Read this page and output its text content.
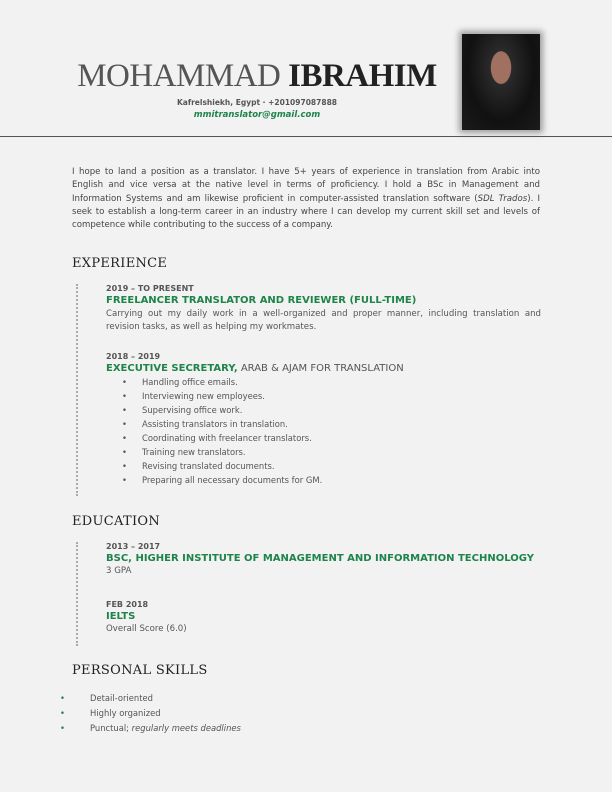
MOHAMMAD IBRAHIM
Kafrelshiekh, Egypt · +201097087888
mmitranslator@gmail.com
I hope to land a position as a translator. I have 5+ years of experience in translation from Arabic into English and vice versa at the native level in terms of proficiency. I hold a BSc in Management and Information Systems and am likewise proficient in computer-assisted translation software (SDL Trados). I seek to establish a long-term career in an industry where I can develop my current skill set and levels of competence while contributing to the success of a company.
EXPERIENCE
2019 – TO PRESENT
FREELANCER TRANSLATOR AND REVIEWER (FULL-TIME)
Carrying out my daily work in a well-organized and proper manner, including translation and revision tasks, as well as helping my workmates.
2018 – 2019
EXECUTIVE SECRETARY, ARAB & AJAM FOR TRANSLATION
• Handling office emails.
• Interviewing new employees.
• Supervising office work.
• Assisting translators in translation.
• Coordinating with freelancer translators.
• Training new translators.
• Revising translated documents.
• Preparing all necessary documents for GM.
EDUCATION
2013 – 2017
BSC, HIGHER INSTITUTE OF MANAGEMENT AND INFORMATION TECHNOLOGY
3 GPA
FEB 2018
IELTS
Overall Score (6.0)
PERSONAL SKILLS
•	Detail-oriented
•	Highly organized
•	Punctual; regularly meets deadlines
